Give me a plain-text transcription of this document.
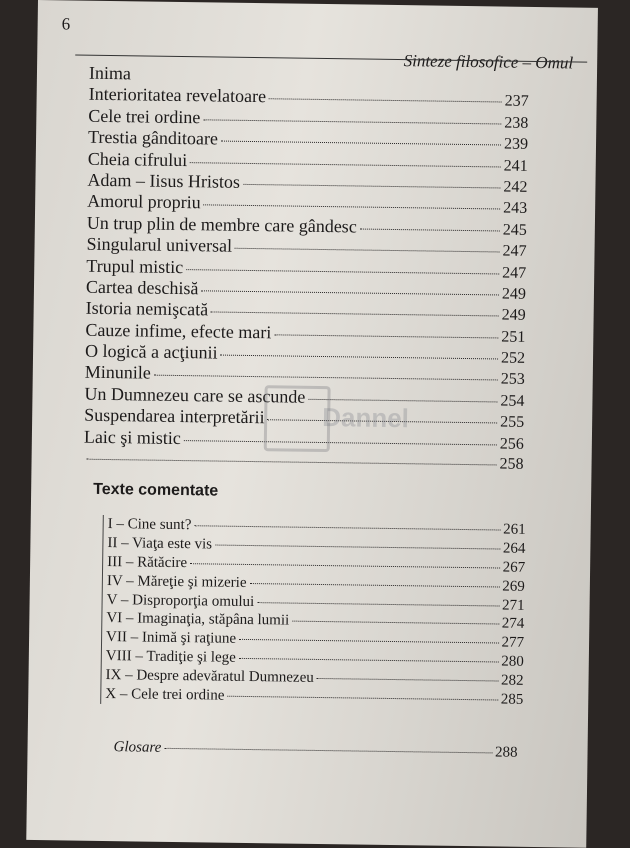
6
Sinteze filosofice – Omul
Inima
Interioritatea revelatoare	237
Cele trei ordine	238
Trestia gânditoare	239
Cheia cifrului	241
Adam – Iisus Hristos	242
Amorul propriu	243
Un trup plin de membre care gândesc	245
Singularul universal	247
Trupul mistic	247
Cartea deschisă	249
Istoria nemişcată	249
Cauze infime, efecte mari	251
O logică a acţiunii	252
Minunile	253
Un Dumnezeu care se ascunde	254
Suspendarea interpretării	255
Laic şi mistic	256
258
Texte comentate
I – Cine sunt?	261
II – Viaţa este vis	264
III – Rătăcire	267
IV – Măreţie şi mizerie	269
V – Disproporţia omului	271
VI – Imaginaţia, stăpâna lumii	274
VII – Inimă şi raţiune	277
VIII – Tradiţie şi lege	280
IX – Despre adevăratul Dumnezeu	282
X – Cele trei ordine	285
Glosare	288
Dannel
